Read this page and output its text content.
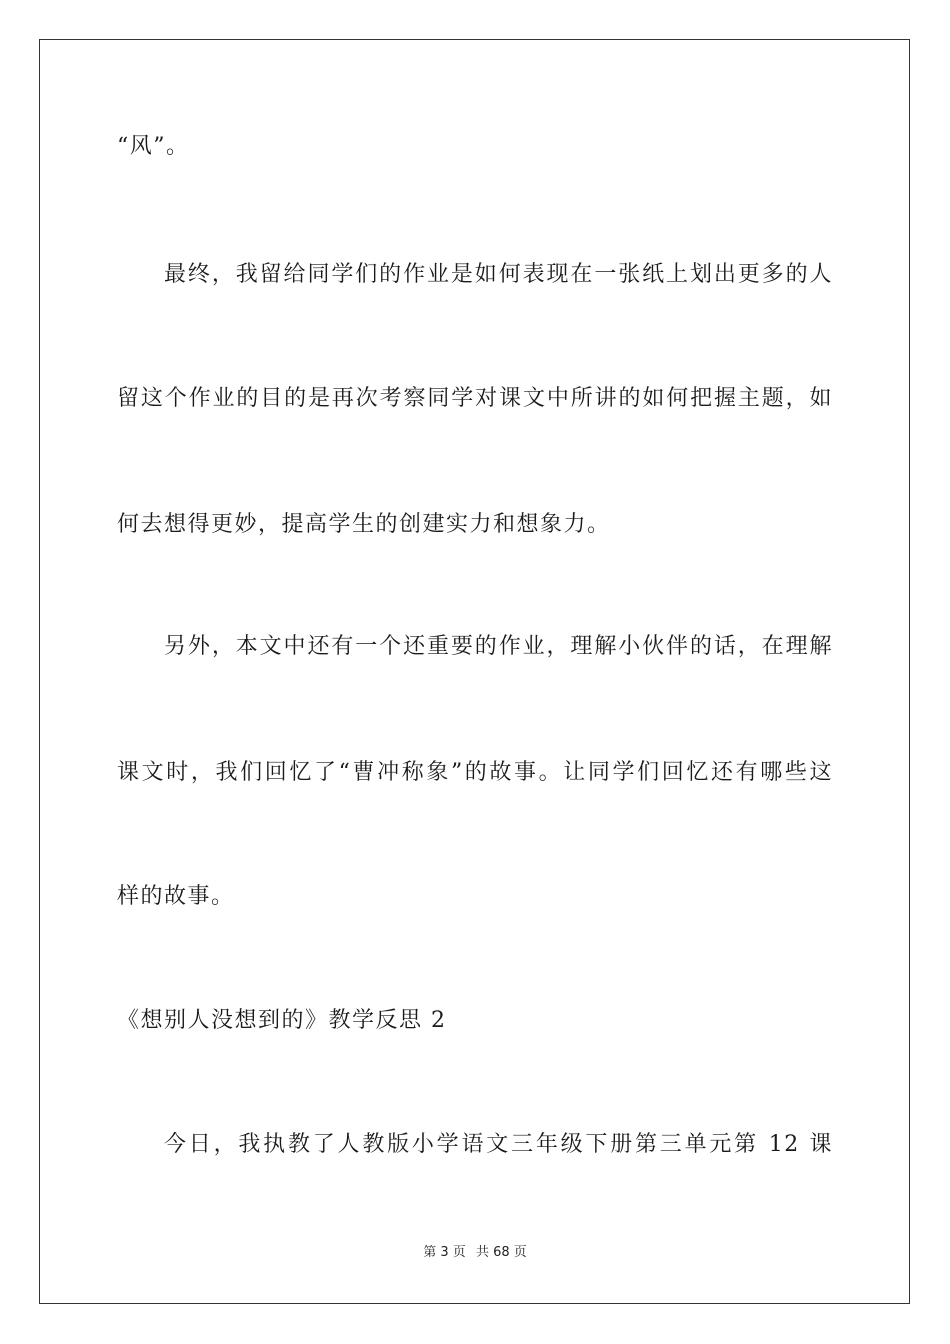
“风”。
最终，我留给同学们的作业是如何表现在一张纸上划出更多的人
留这个作业的目的是再次考察同学对课文中所讲的如何把握主题，如
何去想得更妙，提高学生的创建实力和想象力。
另外，本文中还有一个还重要的作业，理解小伙伴的话，在理解
课文时，我们回忆了“曹冲称象”的故事。让同学们回忆还有哪些这
样的故事。
《想别人没想到的》教学反思 2
今日，我执教了人教版小学语文三年级下册第三单元第 12 课
第 3 页 共 68 页
